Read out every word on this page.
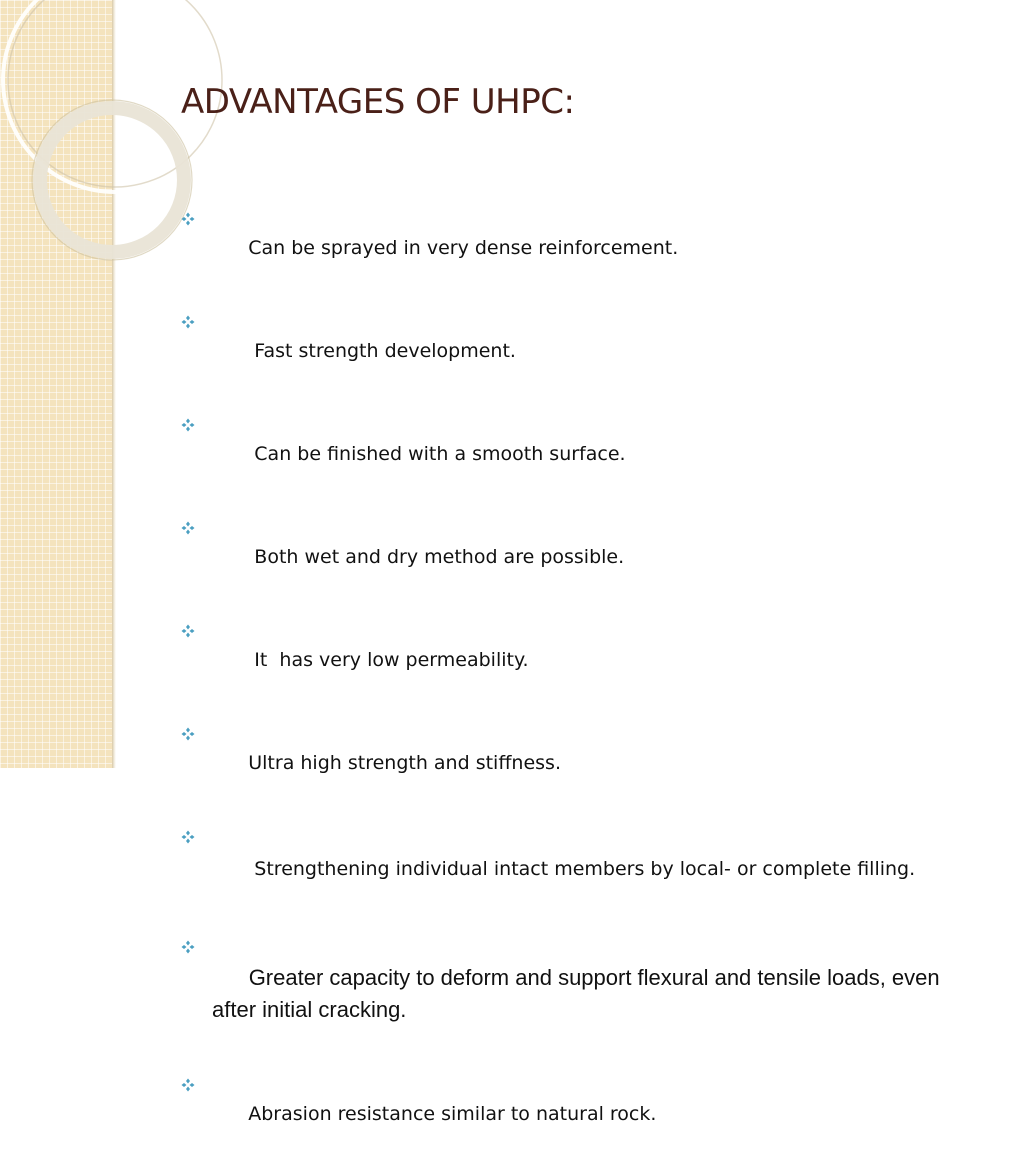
ADVANTAGES OF UHPC:

Can be sprayed in very dense reinforcement.

Fast strength development.

Can be finished with a smooth surface.

Both wet and dry method are possible.

It  has very low permeability.

Ultra high strength and stiffness.

Strengthening individual intact members by local- or complete filling.

Greater capacity to deform and support flexural and tensile loads, even after initial cracking.

Abrasion resistance similar to natural rock.
